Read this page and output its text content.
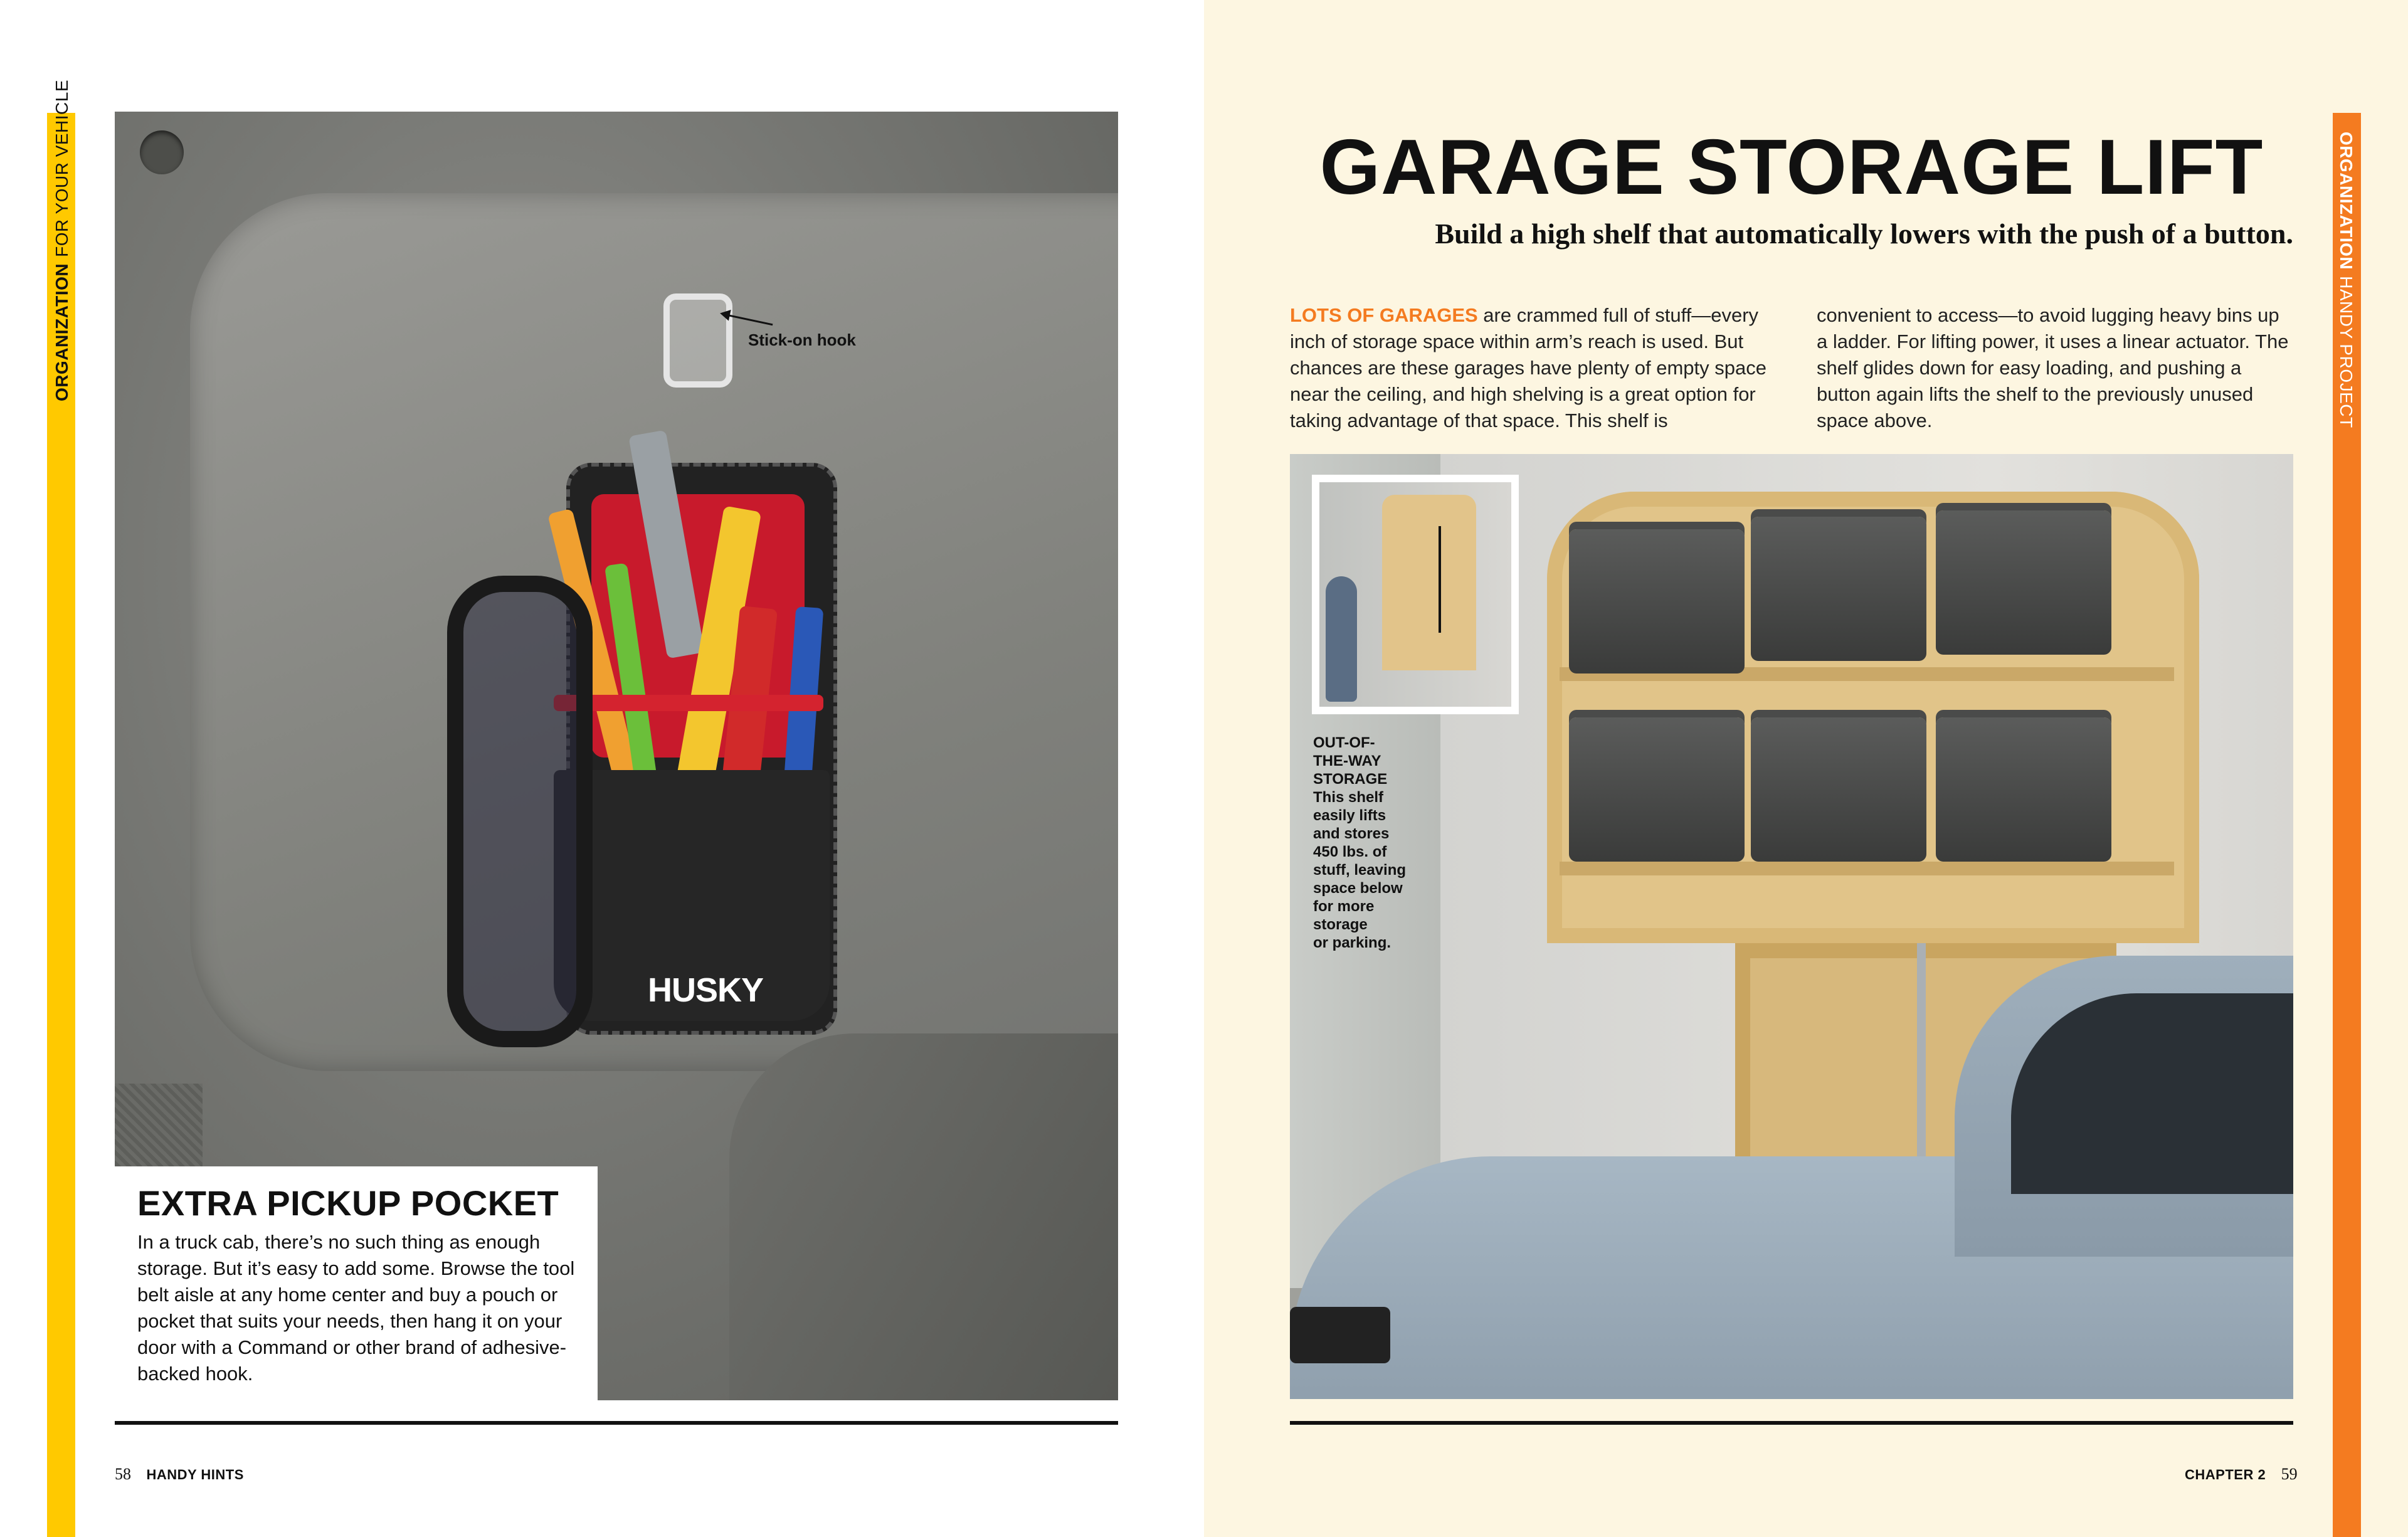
ORGANIZATIONFOR YOUR VEHICLE	ORGANIZATIONHANDY PROJECT
Stick-on hook
HUSKY
EXTRA PICKUP POCKET
In a truck cab, there’s no such thing as enough storage. But it’s easy to add some. Browse the tool belt aisle at any home center and buy a pouch or pocket that suits your needs, then hang it on your door with a Command or other brand of adhesive-backed hook.
58 HANDY HINTS
GARAGE STORAGE LIFT
Build a high shelf that automatically lowers with the push of a button.
LOTS OF GARAGES are crammed full of stuff—every inch of storage space within arm’s reach is used. But chances are these garages have plenty of empty space near the ceiling, and high shelving is a great option for taking advantage of that space. This shelf is convenient to access—to avoid lugging heavy bins up a ladder. For lifting power, it uses a linear actuator. The shelf glides down for easy loading, and pushing a button again lifts the shelf to the previously unused space above.
OUT-OF-
THE-WAY
STORAGE
This shelf
easily lifts
and stores
450 lbs. of
stuff, leaving
space below
for more
storage
or parking.
CHAPTER 2 59
